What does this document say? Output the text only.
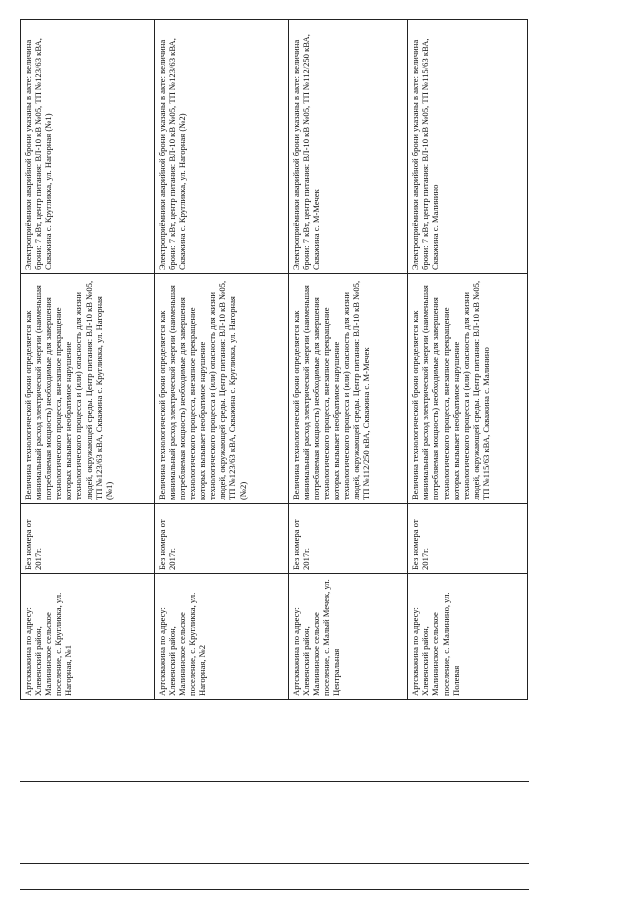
Артскважина по адресу: Хлевенский район, Малининское сельское поселение, с. Кругликка, ул. Нагорная, №1	Без номера от 2017г.	Величина технологической брони определяется как минимальный расход электрической энергии (наименьшая потребляемая мощность) необходимые для завершения технологического процесса, внезапное прекращение которых вызывает необратимое нарушение технологического процесса и (или) опасность для жизни людей, окружающей среды. Центр питания: ВЛ-10 кВ №05, ТП №123/63 кВА, Скважина с. Кругликка, ул. Нагорная (№1)	Электроприёмники аварийной брони указаны в акте: величина брони: 7 кВт, центр питания: ВЛ-10 кВ №05, ТП №123/63 кВА, Скважина с. Кругликка, ул. Нагорная (№1)
Артскважина по адресу: Хлевенский район, Малининское сельское поселение, с. Кругликка, ул. Нагорная, №2	Без номера от 2017г.	Величина технологической брони определяется как минимальный расход электрической энергии (наименьшая потребляемая мощность) необходимые для завершения технологического процесса, внезапное прекращение которых вызывает необратимое нарушение технологического процесса и (или) опасность для жизни людей, окружающей среды. Центр питания: ВЛ-10 кВ №05, ТП №123/63 кВА, Скважина с. Кругликка, ул. Нагорная (№2)	Электроприёмники аварийной брони указаны в акте: величина брони: 7 кВт, центр питания: ВЛ-10 кВ №05, ТП №123/63 кВА, Скважина с. Кругликка, ул. Нагорная (№2)
Артскважина по адресу: Хлевенский район, Малининское сельское поселение, с. Малый Мечек, ул. Центральная	Без номера от 2017г.	Величина технологической брони определяется как минимальный расход электрической энергии (наименьшая потребляемая мощность) необходимые для завершения технологического процесса, внезапное прекращение которых вызывает необратимое нарушение технологического процесса и (или) опасность для жизни людей, окружающей среды. Центр питания: ВЛ-10 кВ №05, ТП №112/250 кВА, Скважина с. М-Мечек	Электроприёмники аварийной брони указаны в акте: величина брони: 7 кВт, центр питания: ВЛ-10 кВ №05, ТП №112/250 кВА, Скважина с. М-Мечек
Артскважина по адресу: Хлевенский район, Малининское сельское поселение, с. Малинино, ул. Полевая	Без номера от 2017г.	Величина технологической брони определяется как минимальный расход электрической энергии (наименьшая потребляемая мощность) необходимые для завершения технологического процесса, внезапное прекращение которых вызывает необратимое нарушение технологического процесса и (или) опасность для жизни людей, окружающей среды. Центр питания: ВЛ-10 кВ №05, ТП №115/63 кВА, Скважина с. Малинино	Электроприёмники аварийной брони указаны в акте: величина брони: 7 кВт, центр питания: ВЛ-10 кВ №05, ТП №115/63 кВА, Скважина с. Малинино
